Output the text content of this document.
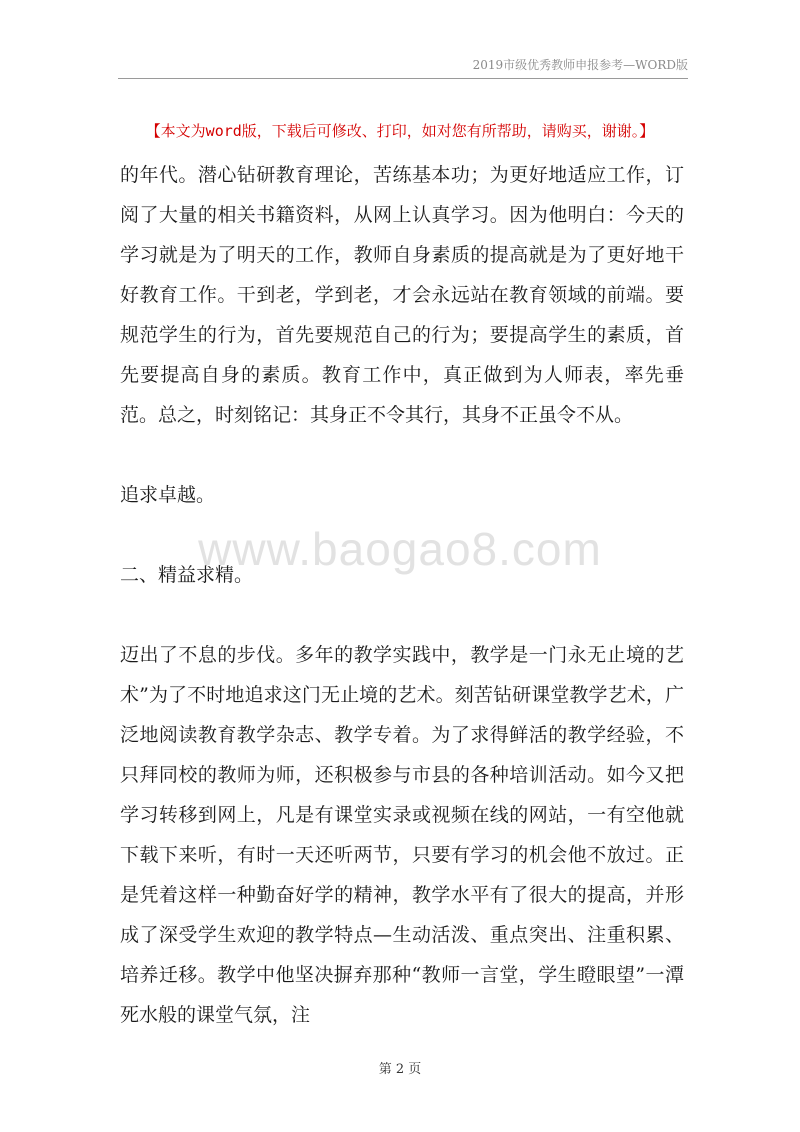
2019市级优秀教师申报参考—WORD版
【本文为word版，下载后可修改、打印，如对您有所帮助，请购买，谢谢。】
www.baogao8.com

的年代。潜心钻研教育理论，苦练基本功；为更好地适应工作，订阅了大量的相关书籍资料，从网上认真学习。因为他明白：今天的学习就是为了明天的工作，教师自身素质的提高就是为了更好地干好教育工作。干到老，学到老，才会永远站在教育领域的前端。要规范学生的行为，首先要规范自己的行为；要提高学生的素质，首先要提高自身的素质。教育工作中，真正做到为人师表，率先垂范。总之，时刻铭记：其身正不令其行，其身不正虽令不从。

追求卓越。

二、精益求精。

迈出了不息的步伐。多年的教学实践中，教学是一门永无止境的艺术”为了不时地追求这门无止境的艺术。刻苦钻研课堂教学艺术，广泛地阅读教育教学杂志、教学专着。为了求得鲜活的教学经验，不只拜同校的教师为师，还积极参与市县的各种培训活动。如今又把学习转移到网上，凡是有课堂实录或视频在线的网站，一有空他就下载下来听，有时一天还听两节，只要有学习的机会他不放过。正是凭着这样一种勤奋好学的精神，教学水平有了很大的提高，并形成了深受学生欢迎的教学特点—生动活泼、重点突出、注重积累、培养迁移。教学中他坚决摒弃那种“教师一言堂，学生瞪眼望”一潭死水般的课堂气氛，注

第 2 页
